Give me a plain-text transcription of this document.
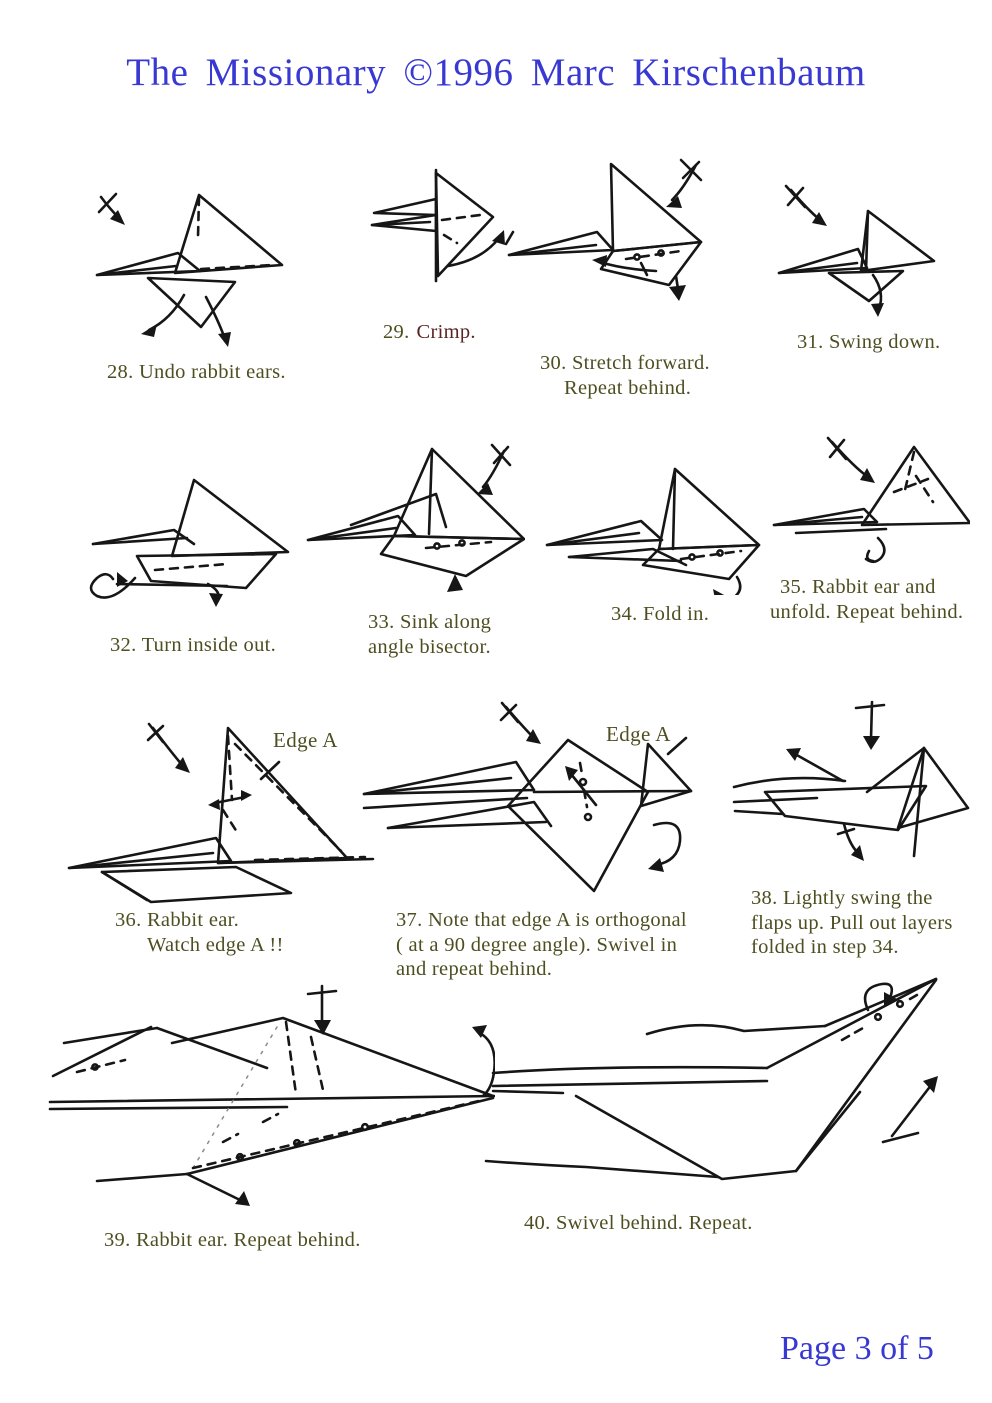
The Missionary ©1996 Marc Kirschenbaum
28. Undo rabbit ears.
29. Crimp.
30. Stretch forward.
Repeat behind.
31. Swing down.
32. Turn inside out.
33. Sink along
angle bisector.
34. Fold in.
35. Rabbit ear and
unfold. Repeat behind.
Edge A
36. Rabbit ear.
Watch edge A !!
Edge A
37. Note that edge A is orthogonal
( at a 90 degree angle). Swivel in
and repeat behind.
38. Lightly swing the
flaps up. Pull out layers
folded in step 34.
39. Rabbit ear. Repeat behind.
40. Swivel behind. Repeat.
Page 3 of 5
